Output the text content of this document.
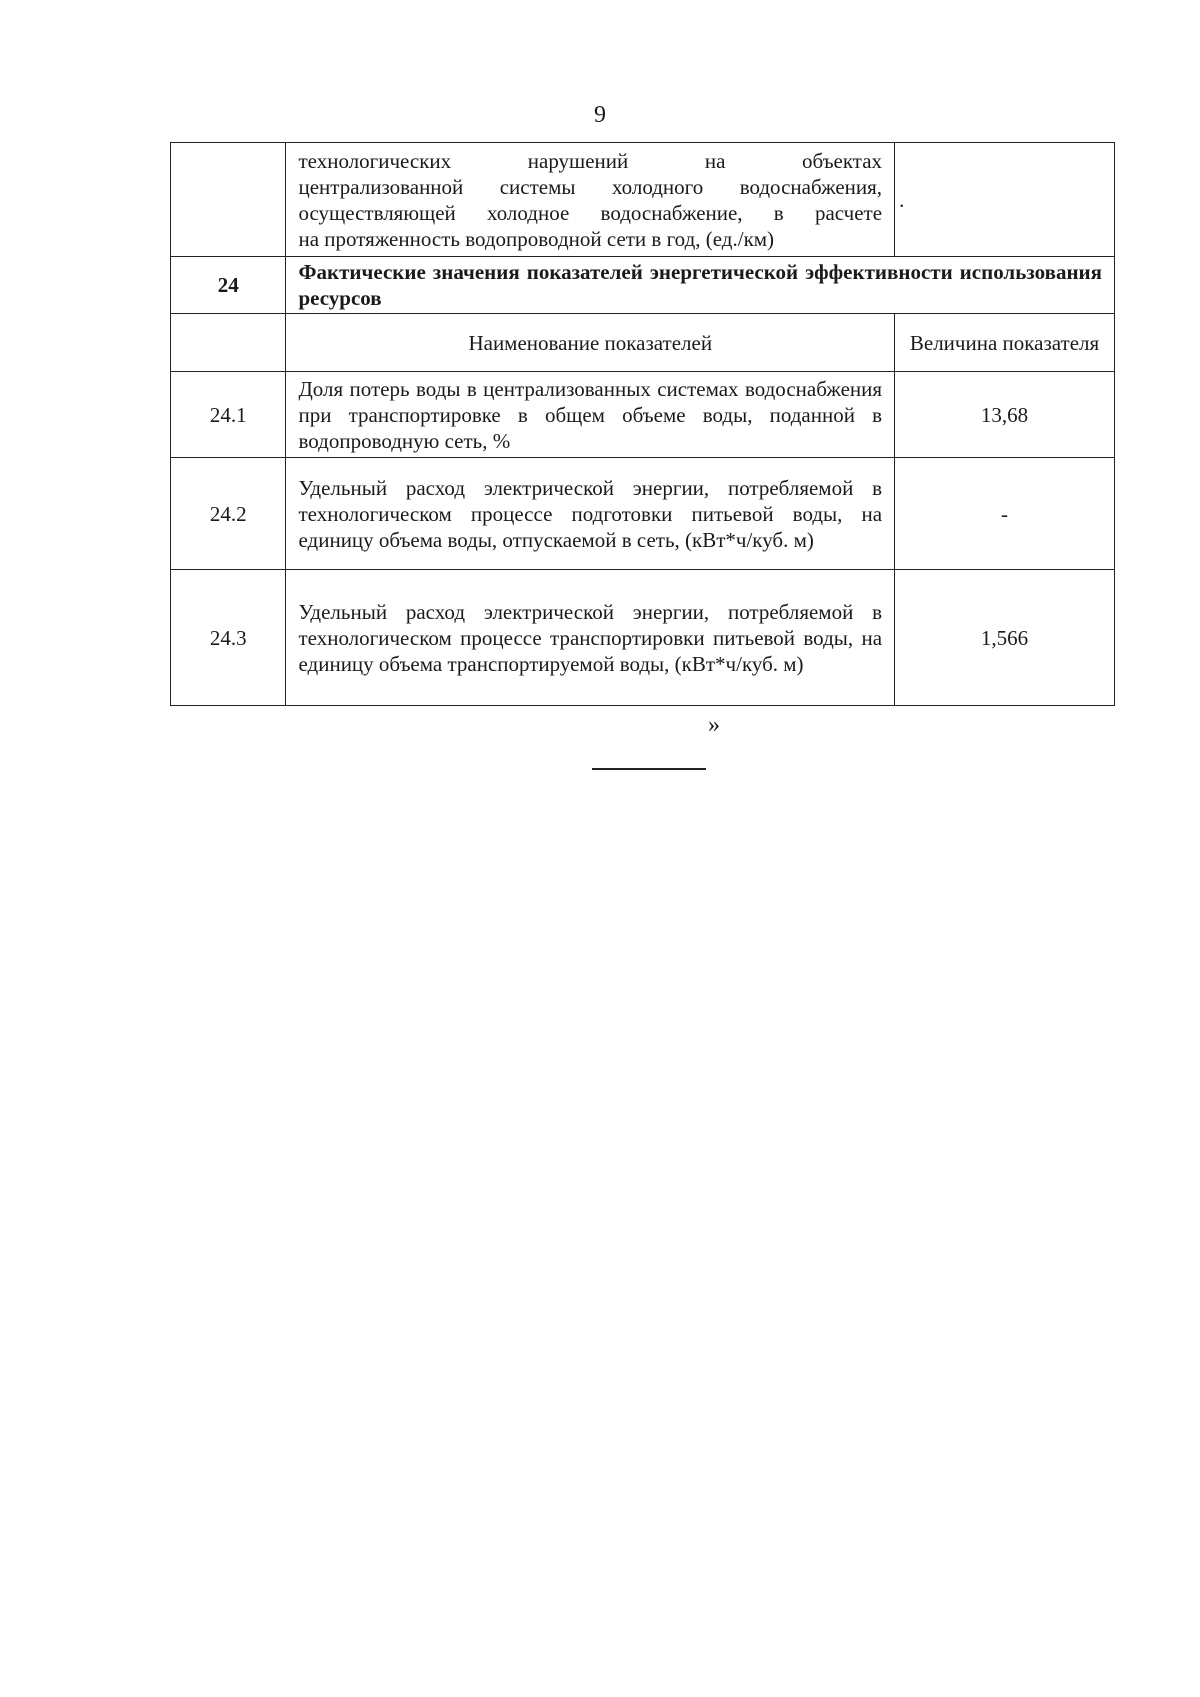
9

	технологических нарушений на объектах
централизованной системы холодного водоснабжения,
осуществляющей холодное водоснабжение, в расчете
на протяженность водопроводной сети в год, (ед./км)	.
24	Фактические значения показателей энергетической эффективности использования ресурсов	
	Наименование показателей	Величина показателя
24.1	Доля потерь воды в централизованных системах водоснабжения при транспортировке в общем объеме воды, поданной в водопроводную сеть, %	13,68
24.2	Удельный расход электрической энергии, потребляемой в технологическом процессе подготовки питьевой воды, на единицу объема воды, отпускаемой в сеть, (кВт*ч/куб. м)	-
24.3	Удельный расход электрической энергии, потребляемой в технологическом процессе транспортировки питьевой воды, на единицу объема транспортируемой воды, (кВт*ч/куб. м)	1,566
»
